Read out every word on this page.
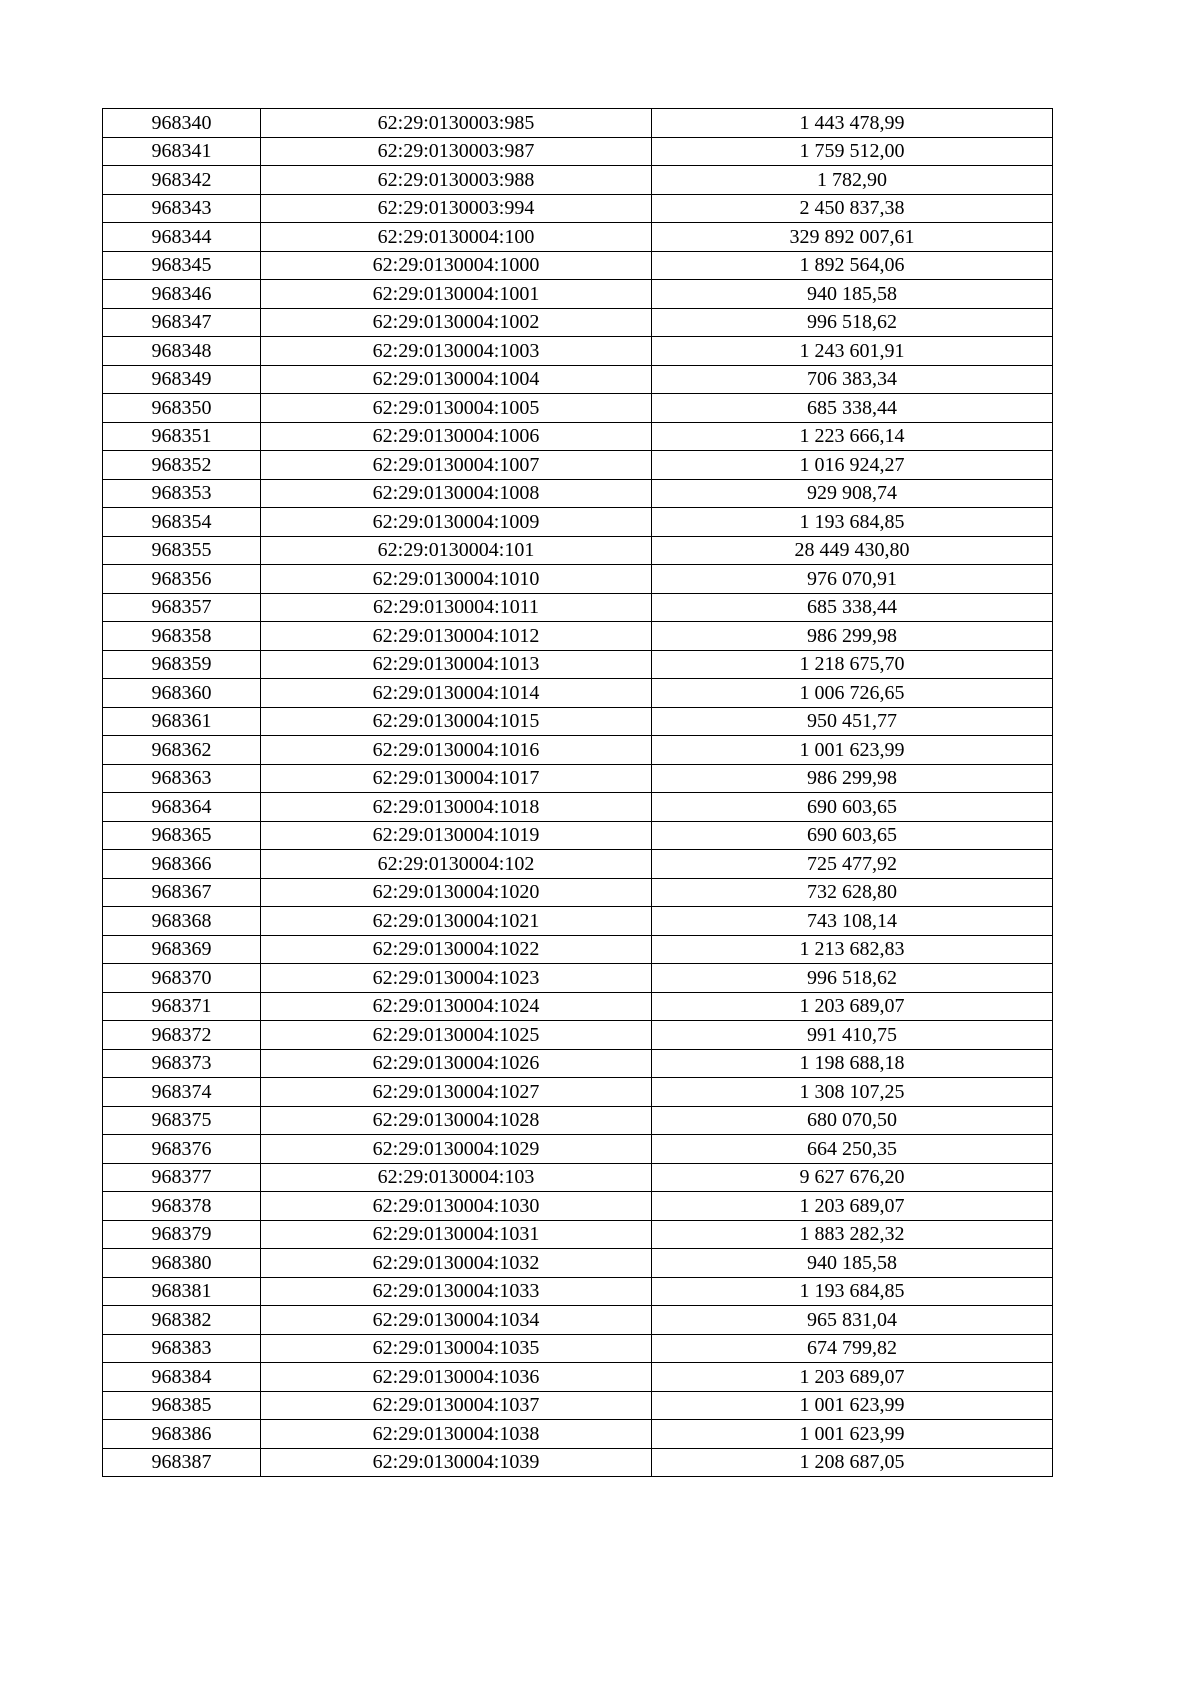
968340	62:29:0130003:985	1 443 478,99
968341	62:29:0130003:987	1 759 512,00
968342	62:29:0130003:988	1 782,90
968343	62:29:0130003:994	2 450 837,38
968344	62:29:0130004:100	329 892 007,61
968345	62:29:0130004:1000	1 892 564,06
968346	62:29:0130004:1001	940 185,58
968347	62:29:0130004:1002	996 518,62
968348	62:29:0130004:1003	1 243 601,91
968349	62:29:0130004:1004	706 383,34
968350	62:29:0130004:1005	685 338,44
968351	62:29:0130004:1006	1 223 666,14
968352	62:29:0130004:1007	1 016 924,27
968353	62:29:0130004:1008	929 908,74
968354	62:29:0130004:1009	1 193 684,85
968355	62:29:0130004:101	28 449 430,80
968356	62:29:0130004:1010	976 070,91
968357	62:29:0130004:1011	685 338,44
968358	62:29:0130004:1012	986 299,98
968359	62:29:0130004:1013	1 218 675,70
968360	62:29:0130004:1014	1 006 726,65
968361	62:29:0130004:1015	950 451,77
968362	62:29:0130004:1016	1 001 623,99
968363	62:29:0130004:1017	986 299,98
968364	62:29:0130004:1018	690 603,65
968365	62:29:0130004:1019	690 603,65
968366	62:29:0130004:102	725 477,92
968367	62:29:0130004:1020	732 628,80
968368	62:29:0130004:1021	743 108,14
968369	62:29:0130004:1022	1 213 682,83
968370	62:29:0130004:1023	996 518,62
968371	62:29:0130004:1024	1 203 689,07
968372	62:29:0130004:1025	991 410,75
968373	62:29:0130004:1026	1 198 688,18
968374	62:29:0130004:1027	1 308 107,25
968375	62:29:0130004:1028	680 070,50
968376	62:29:0130004:1029	664 250,35
968377	62:29:0130004:103	9 627 676,20
968378	62:29:0130004:1030	1 203 689,07
968379	62:29:0130004:1031	1 883 282,32
968380	62:29:0130004:1032	940 185,58
968381	62:29:0130004:1033	1 193 684,85
968382	62:29:0130004:1034	965 831,04
968383	62:29:0130004:1035	674 799,82
968384	62:29:0130004:1036	1 203 689,07
968385	62:29:0130004:1037	1 001 623,99
968386	62:29:0130004:1038	1 001 623,99
968387	62:29:0130004:1039	1 208 687,05
